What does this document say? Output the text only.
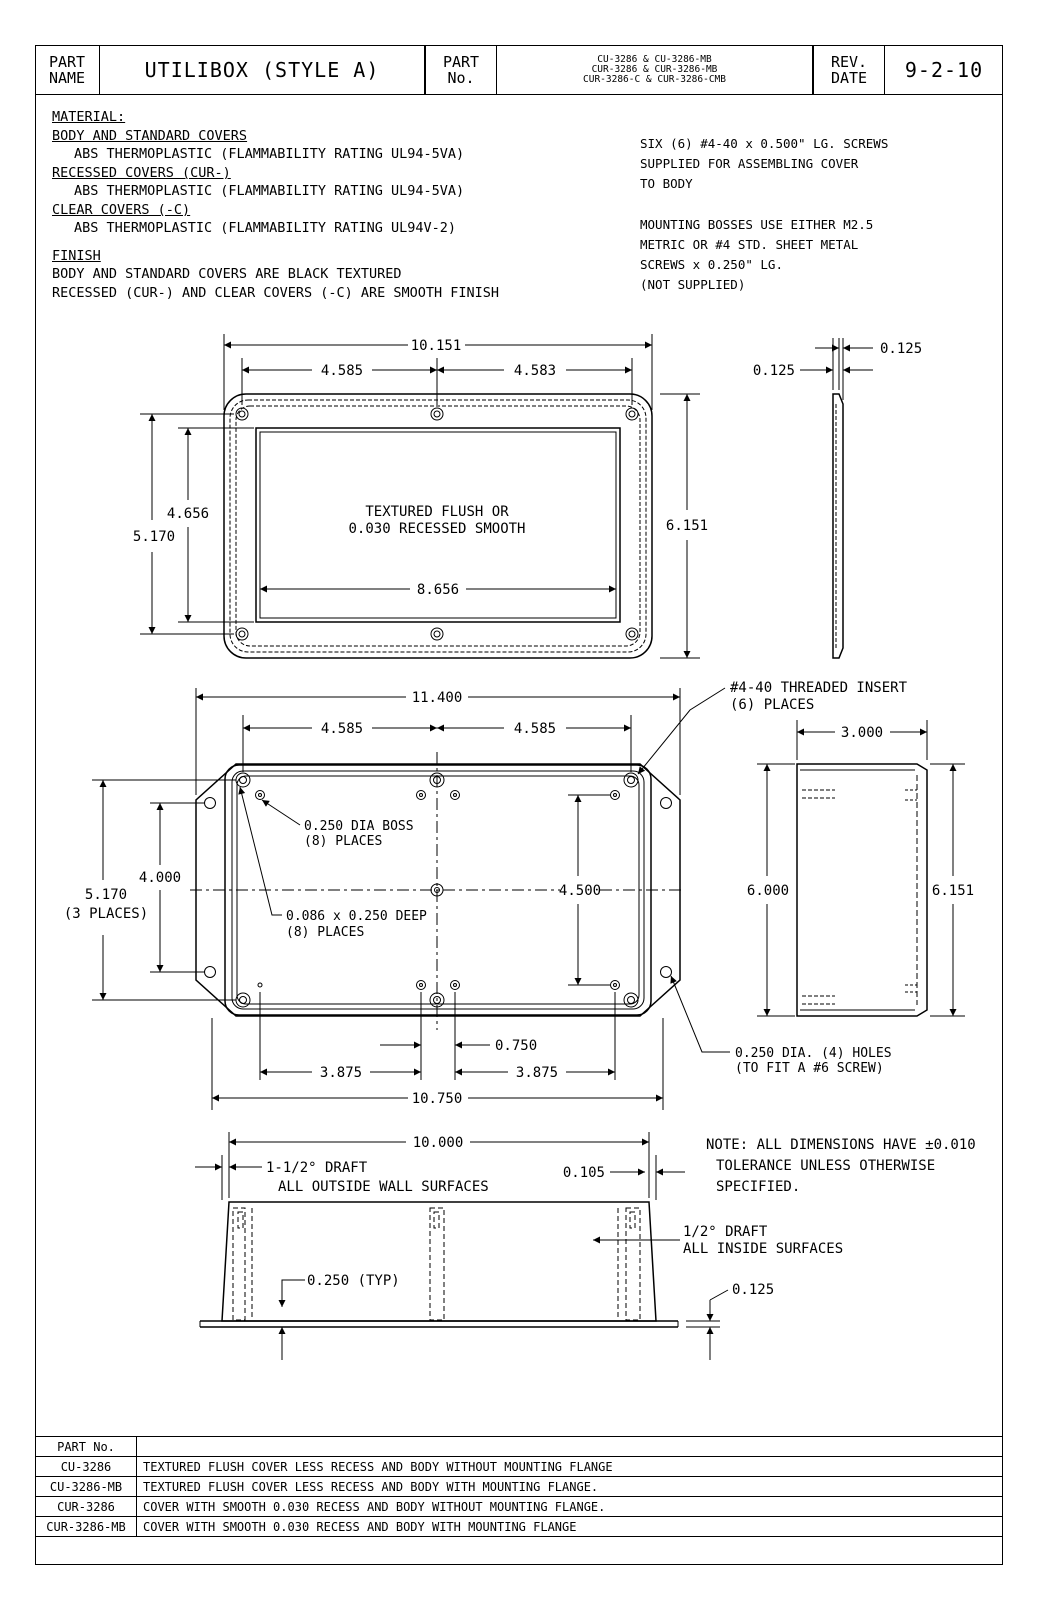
PART NAME	UTILIBOX (STYLE A)	PART No.
CU-3286 & CU-3286-MB
CUR-3286 & CUR-3286-MB
CUR-3286-C & CUR-3286-CMB
REV. DATE	9-2-10
MATERIAL:
BODY AND STANDARD COVERS
ABS THERMOPLASTIC (FLAMMABILITY RATING UL94-5VA)
RECESSED COVERS (CUR-)
ABS THERMOPLASTIC (FLAMMABILITY RATING UL94-5VA)
CLEAR COVERS (-C)
ABS THERMOPLASTIC (FLAMMABILITY RATING UL94V-2)
FINISH
BODY AND STANDARD COVERS ARE BLACK TEXTURED
RECESSED (CUR-) AND CLEAR COVERS (-C) ARE SMOOTH FINISH
SIX (6) #4-40 x 0.500" LG. SCREWS
SUPPLIED FOR ASSEMBLING COVER
TO BODY
MOUNTING BOSSES USE EITHER M2.5
METRIC OR #4 STD. SHEET METAL
SCREWS x 0.250" LG.
(NOT SUPPLIED)
10.151
4.585	4.583
TEXTURED FLUSH OR
0.030 RECESSED SMOOTH
8.656
5.170
4.656
6.151
0.125
0.125
11.400
4.585	4.585
#4-40 THREADED INSERT
(6) PLACES
0.250 DIA BOSS
(8) PLACES
0.086 x 0.250 DEEP
(8) PLACES
5.170
(3 PLACES)
4.000
4.500
0.750
3.875	3.875
10.750
0.250 DIA. (4) HOLES
(TO FIT A #6 SCREW)
3.000
6.000	6.151
10.000
1-1/2° DRAFT
ALL OUTSIDE WALL SURFACES
0.105
1/2° DRAFT
ALL INSIDE SURFACES
0.250 (TYP)
0.125
NOTE: ALL DIMENSIONS HAVE ±0.010
TOLERANCE UNLESS OTHERWISE
SPECIFIED.
PART No.	
CU-3286	TEXTURED FLUSH COVER LESS RECESS AND BODY WITHOUT MOUNTING FLANGE
CU-3286-MB	TEXTURED FLUSH COVER LESS RECESS AND BODY WITH MOUNTING FLANGE.
CUR-3286	COVER WITH SMOOTH 0.030 RECESS AND BODY WITHOUT MOUNTING FLANGE.
CUR-3286-MB	COVER WITH SMOOTH 0.030 RECESS AND BODY WITH MOUNTING FLANGE
